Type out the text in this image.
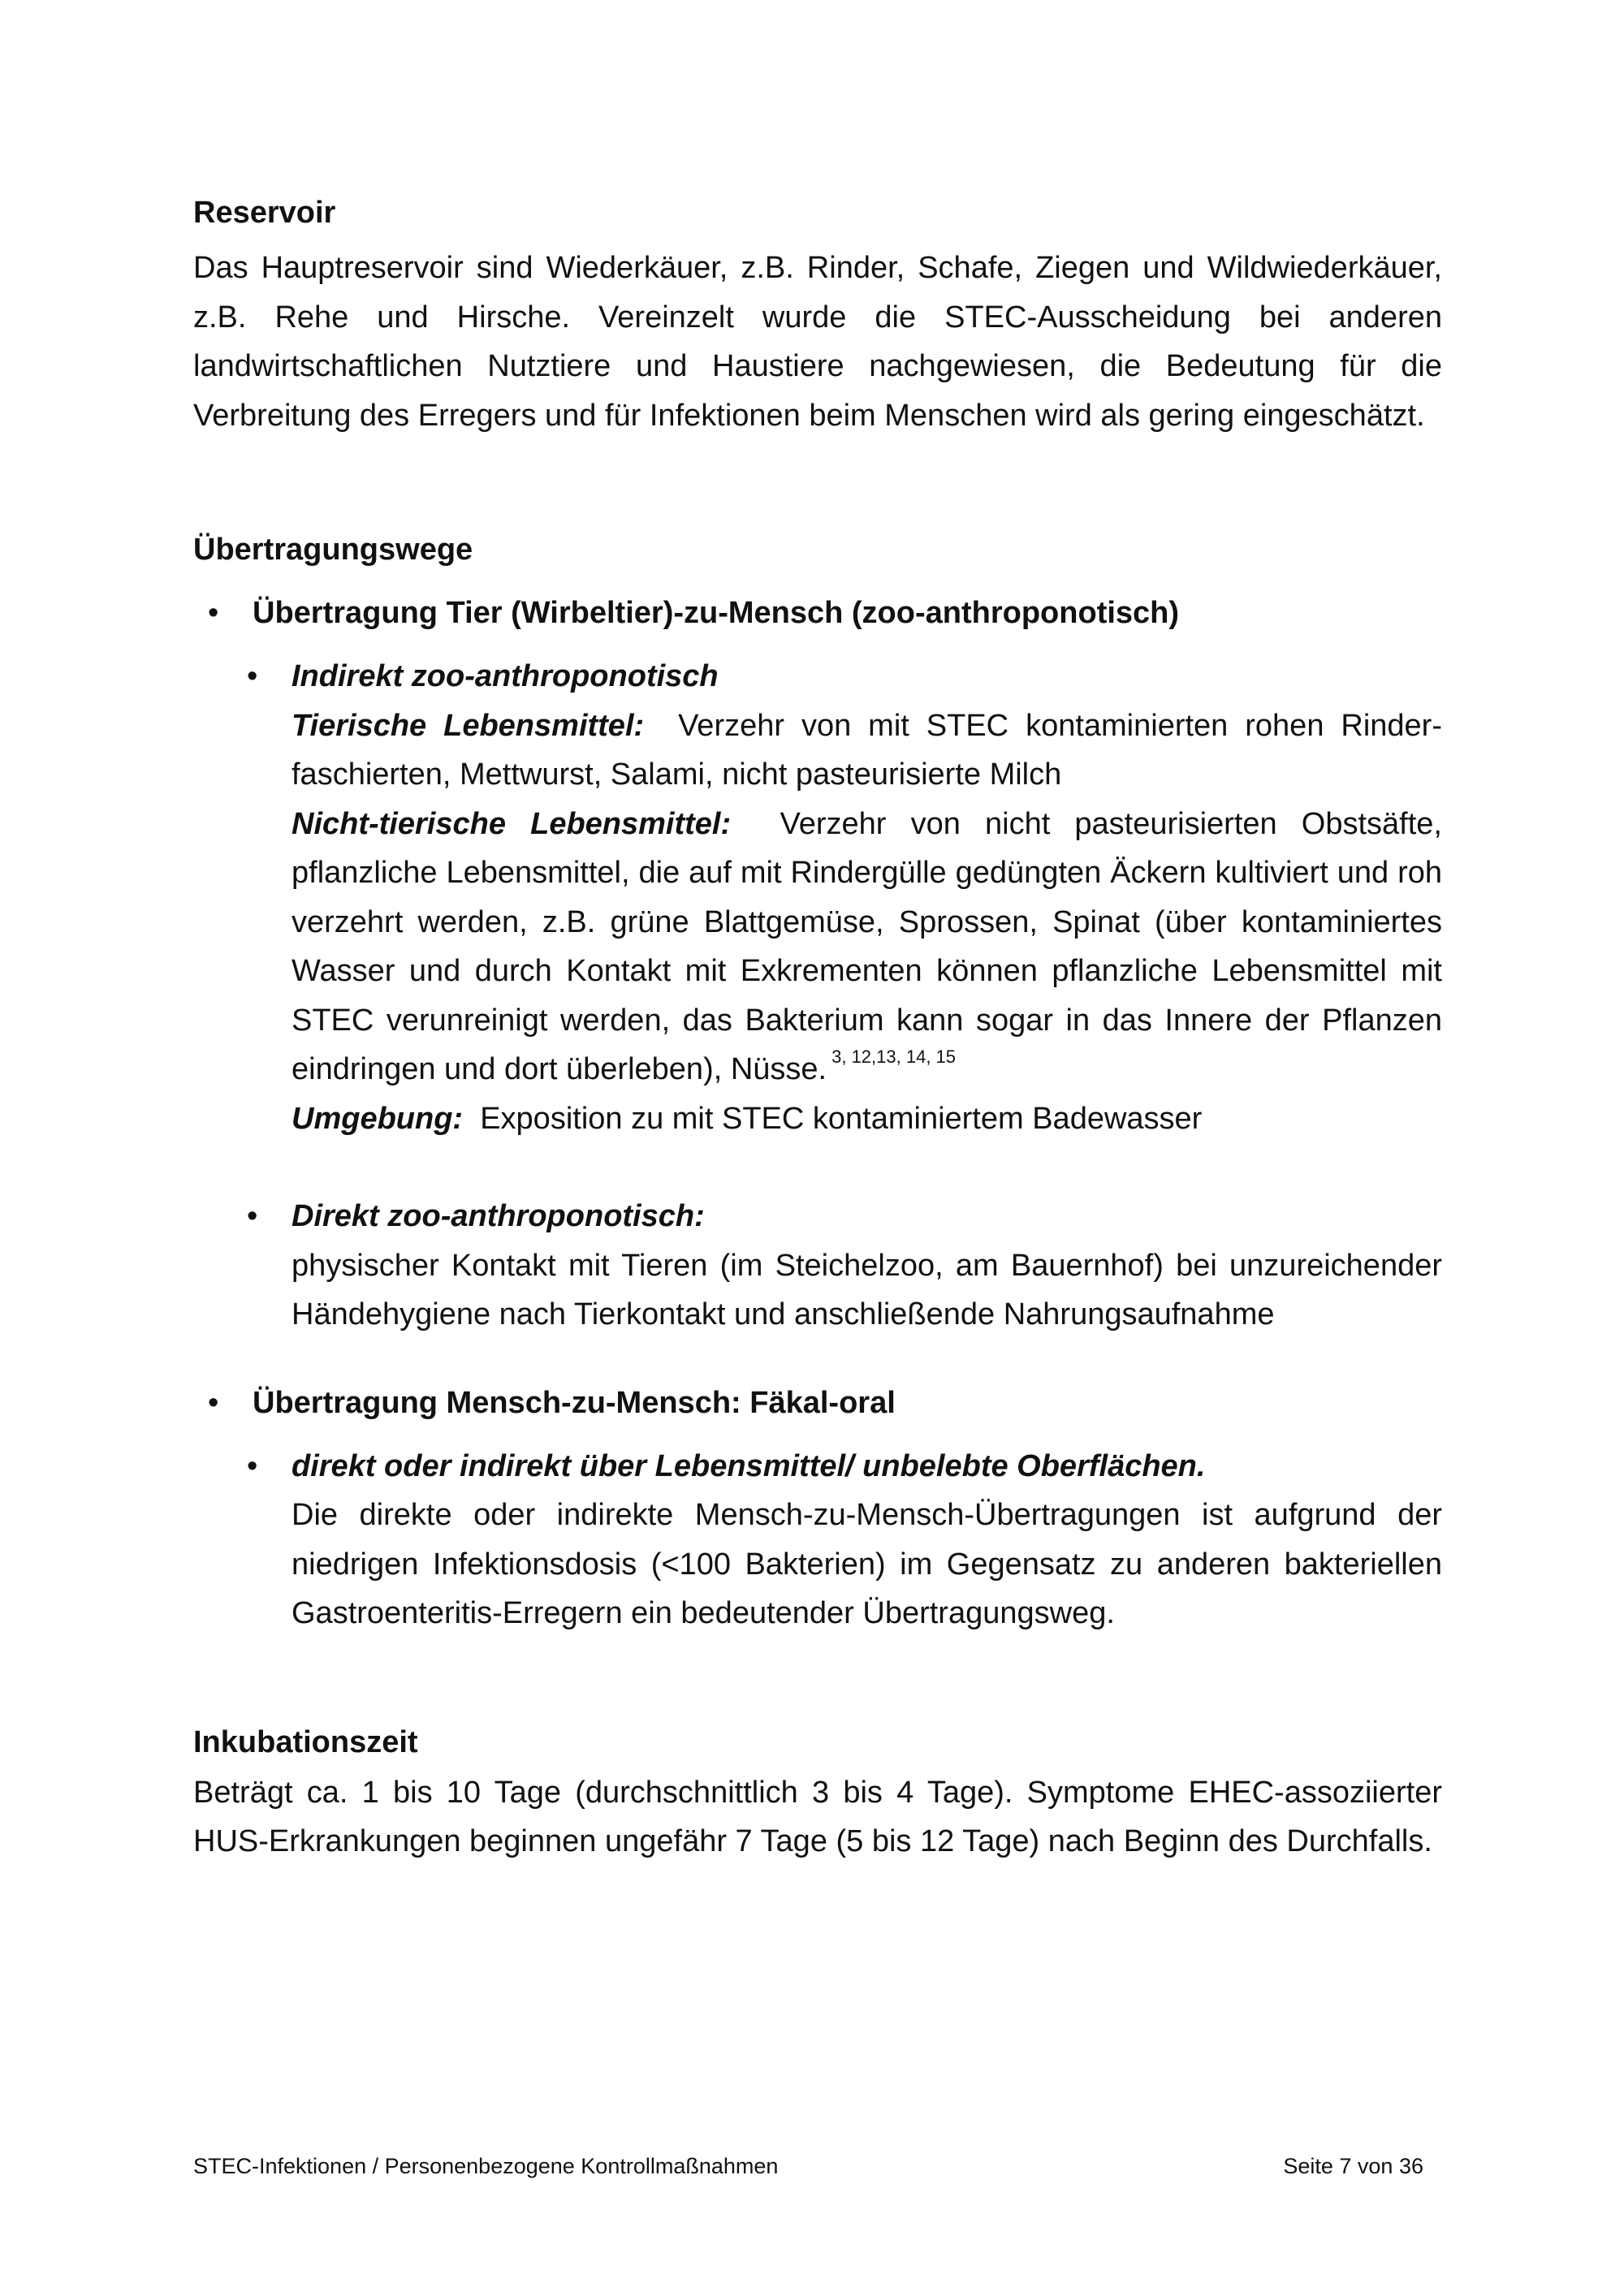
Reservoir

Das Hauptreservoir sind Wiederkäuer, z.B. Rinder, Schafe, Ziegen und Wildwiederkäuer, z.B. Rehe und Hirsche. Vereinzelt wurde die STEC-Ausscheidung bei anderen landwirtschaftlichen Nutztiere und Haustiere nachgewiesen, die Bedeutung für die Verbreitung des Erregers und für Infektionen beim Menschen wird als gering eingeschätzt.

Übertragungswege
• Übertragung Tier (Wirbeltier)-zu-Mensch (zoo-anthroponotisch)
• Indirekt zoo-anthroponotisch

Tierische Lebensmittel: Verzehr von mit STEC kontaminierten rohen Rinder-faschierten, Mettwurst, Salami, nicht pasteurisierte Milch

Nicht-tierische Lebensmittel: Verzehr von nicht pasteurisierten Obstsäfte, pflanzliche Lebensmittel, die auf mit Rindergülle gedüngten Äckern kultiviert und roh verzehrt werden, z.B. grüne Blattgemüse, Sprossen, Spinat (über kontaminiertes Wasser und durch Kontakt mit Exkrementen können pflanzliche Lebensmittel mit STEC verunreinigt werden, das Bakterium kann sogar in das Innere der Pflanzen eindringen und dort überleben), Nüsse. $^{3, 12,13, 14, 15}$

Umgebung: Exposition zu mit STEC kontaminiertem Badewasser

• Direkt zoo-anthroponotisch:

physischer Kontakt mit Tieren (im Steichelzoo, am Bauernhof) bei unzureichender Händehygiene nach Tierkontakt und anschließende Nahrungsaufnahme

• Übertragung Mensch-zu-Mensch: Fäkal-oral
• direkt oder indirekt über Lebensmittel/ unbelebte Oberflächen.

Die direkte oder indirekte Mensch-zu-Mensch-Übertragungen ist aufgrund der niedrigen Infektionsdosis (<100 Bakterien) im Gegensatz zu anderen bakteriellen Gastroenteritis-Erregern ein bedeutender Übertragungsweg.

Inkubationszeit

Beträgt ca. 1 bis 10 Tage (durchschnittlich 3 bis 4 Tage). Symptome EHEC-assoziierter HUS-Erkrankungen beginnen ungefähr 7 Tage (5 bis 12 Tage) nach Beginn des Durchfalls.

STEC-Infektionen / Personenbezogene Kontrollmaßnahmen	Seite 7 von 36
